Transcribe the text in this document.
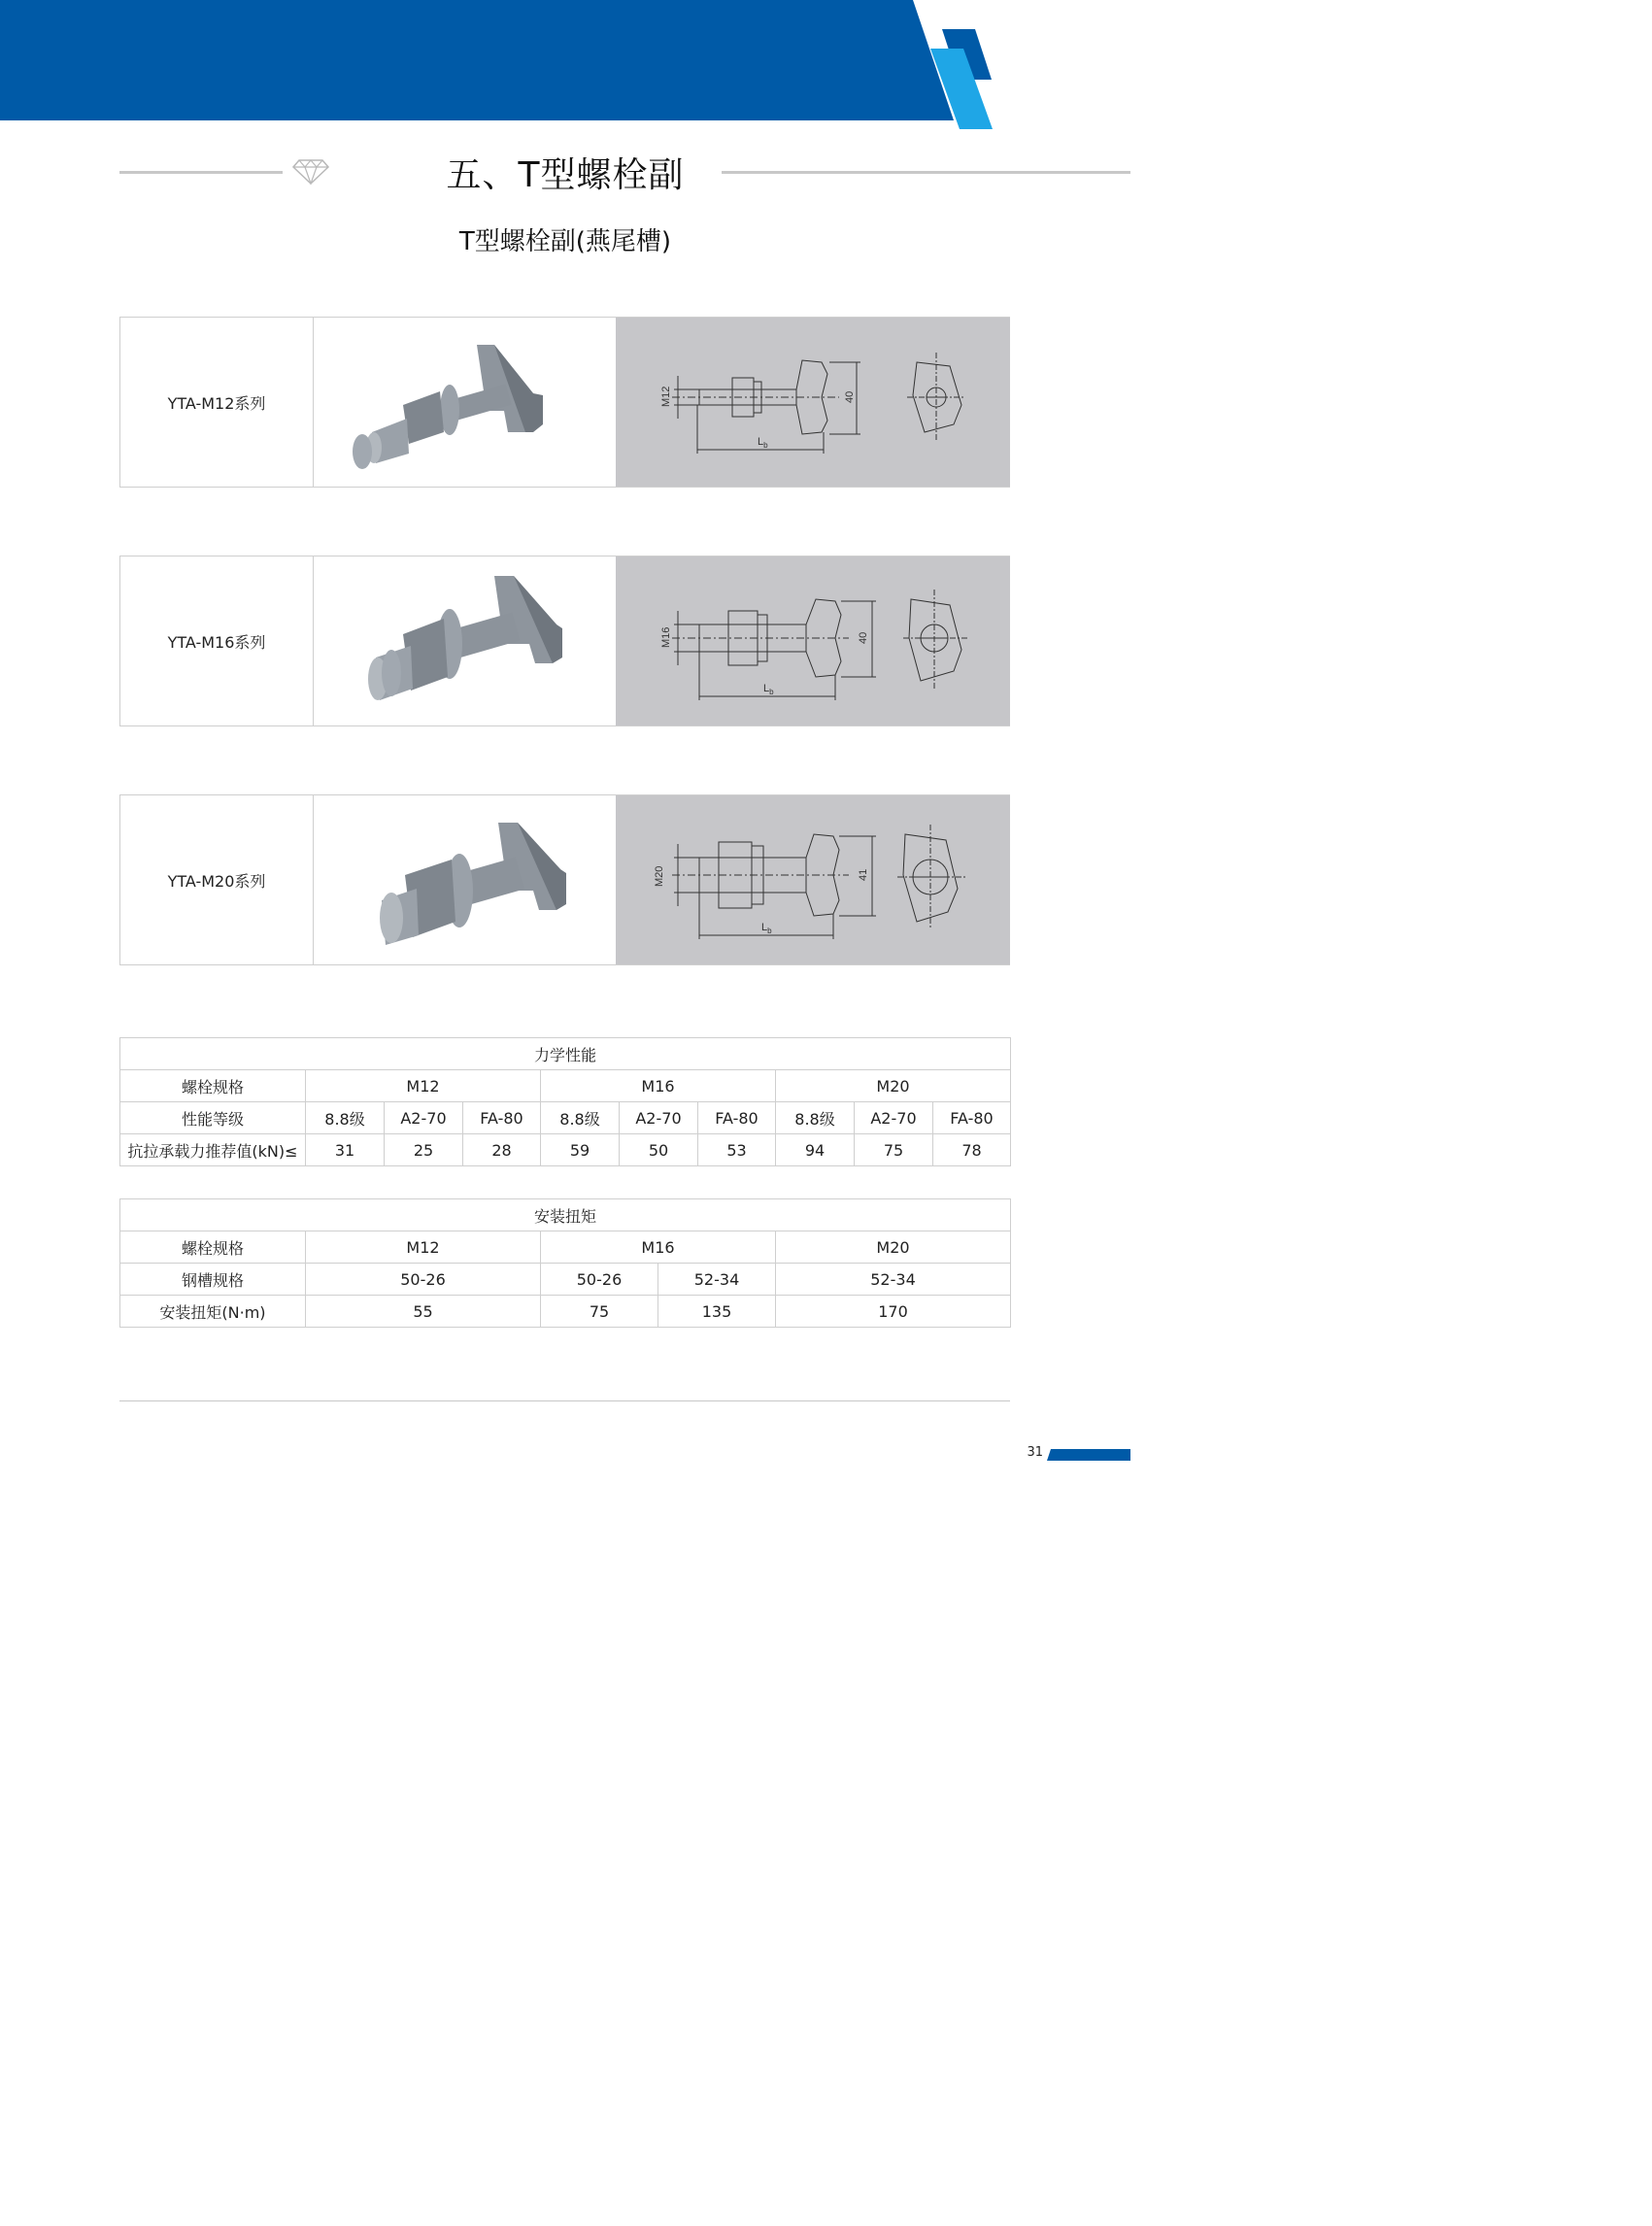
五、T型螺栓副
T型螺栓副(燕尾槽)
YTA-M12系列	M12	40
$L_b$
YTA-M16系列	M16	40
$L_b$
YTA-M20系列	M20	41
$L_b$
力学性能									
螺栓规格	M12			M16			M20		
性能等级	8.8级	A2-70	FA-80	8.8级	A2-70	FA-80	8.8级	A2-70	FA-80
抗拉承载力推荐值(kN)≤	31	25	28	59	50	53	94	75	78
安装扭矩				
螺栓规格	M12	M16		M20
钢槽规格	50-26	50-26	52-34	52-34
安装扭矩(N·m)	55	75	135	170
31
